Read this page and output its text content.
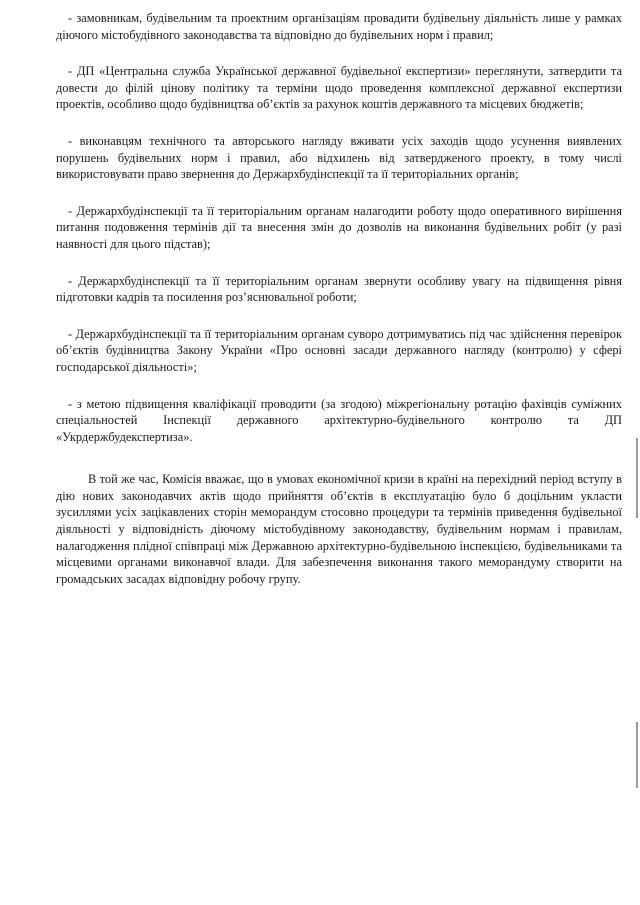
- замовникам, будівельним та проектним організаціям провадити будівельну діяльність лише у рамках діючого містобудівного законодавства та відповідно до будівельних норм і правил;

- ДП «Центральна служба Української державної будівельної експертизи» переглянути, затвердити та довести до філій цінову політику та терміни щодо проведення комплексної державної експертизи проектів, особливо щодо будівництва об’єктів за рахунок коштів державного та місцевих бюджетів;

- виконавцям технічного та авторського нагляду вживати усіх заходів щодо усунення виявлених порушень будівельних норм і правил, або відхилень від затвердженого проекту, в тому числі використовувати право звернення до Держархбудінспекції та її територіальних органів;

- Держархбудінспекції та її територіальним органам налагодити роботу щодо оперативного вирішення питання подовження термінів дії та внесення змін до дозволів на виконання будівельних робіт (у разі наявності для цього підстав);

- Держархбудінспекції та її територіальним органам звернути особливу увагу на підвищення рівня підготовки кадрів та посилення роз’яснювальної роботи;

- Держархбудінспекції та її територіальним органам суворо дотримуватись під час здійснення перевірок об’єктів будівництва Закону України «Про основні засади державного нагляду (контролю) у сфері господарської діяльності»;

- з метою підвищення кваліфікації проводити (за згодою) міжрегіональну ротацію фахівців суміжних спеціальностей Інспекції державного архітектурно-будівельного контролю та ДП «Укрдержбудекспертиза».

В той же час, Комісія вважає, що в умовах економічної кризи в країні на перехідний період вступу в дію нових законодавчих актів щодо прийняття об’єктів в експлуатацію було б доцільним укласти зусиллями усіх зацікавлених сторін меморандум стосовно процедури та термінів приведення будівельної діяльності у відповідність діючому містобудівному законодавству, будівельним нормам і правилам, налагодження плідної співпраці між Державною архітектурно-будівельною інспекцією, будівельниками та місцевими органами виконавчої влади. Для забезпечення виконання такого меморандуму створити на громадських засадах відповідну робочу групу.
